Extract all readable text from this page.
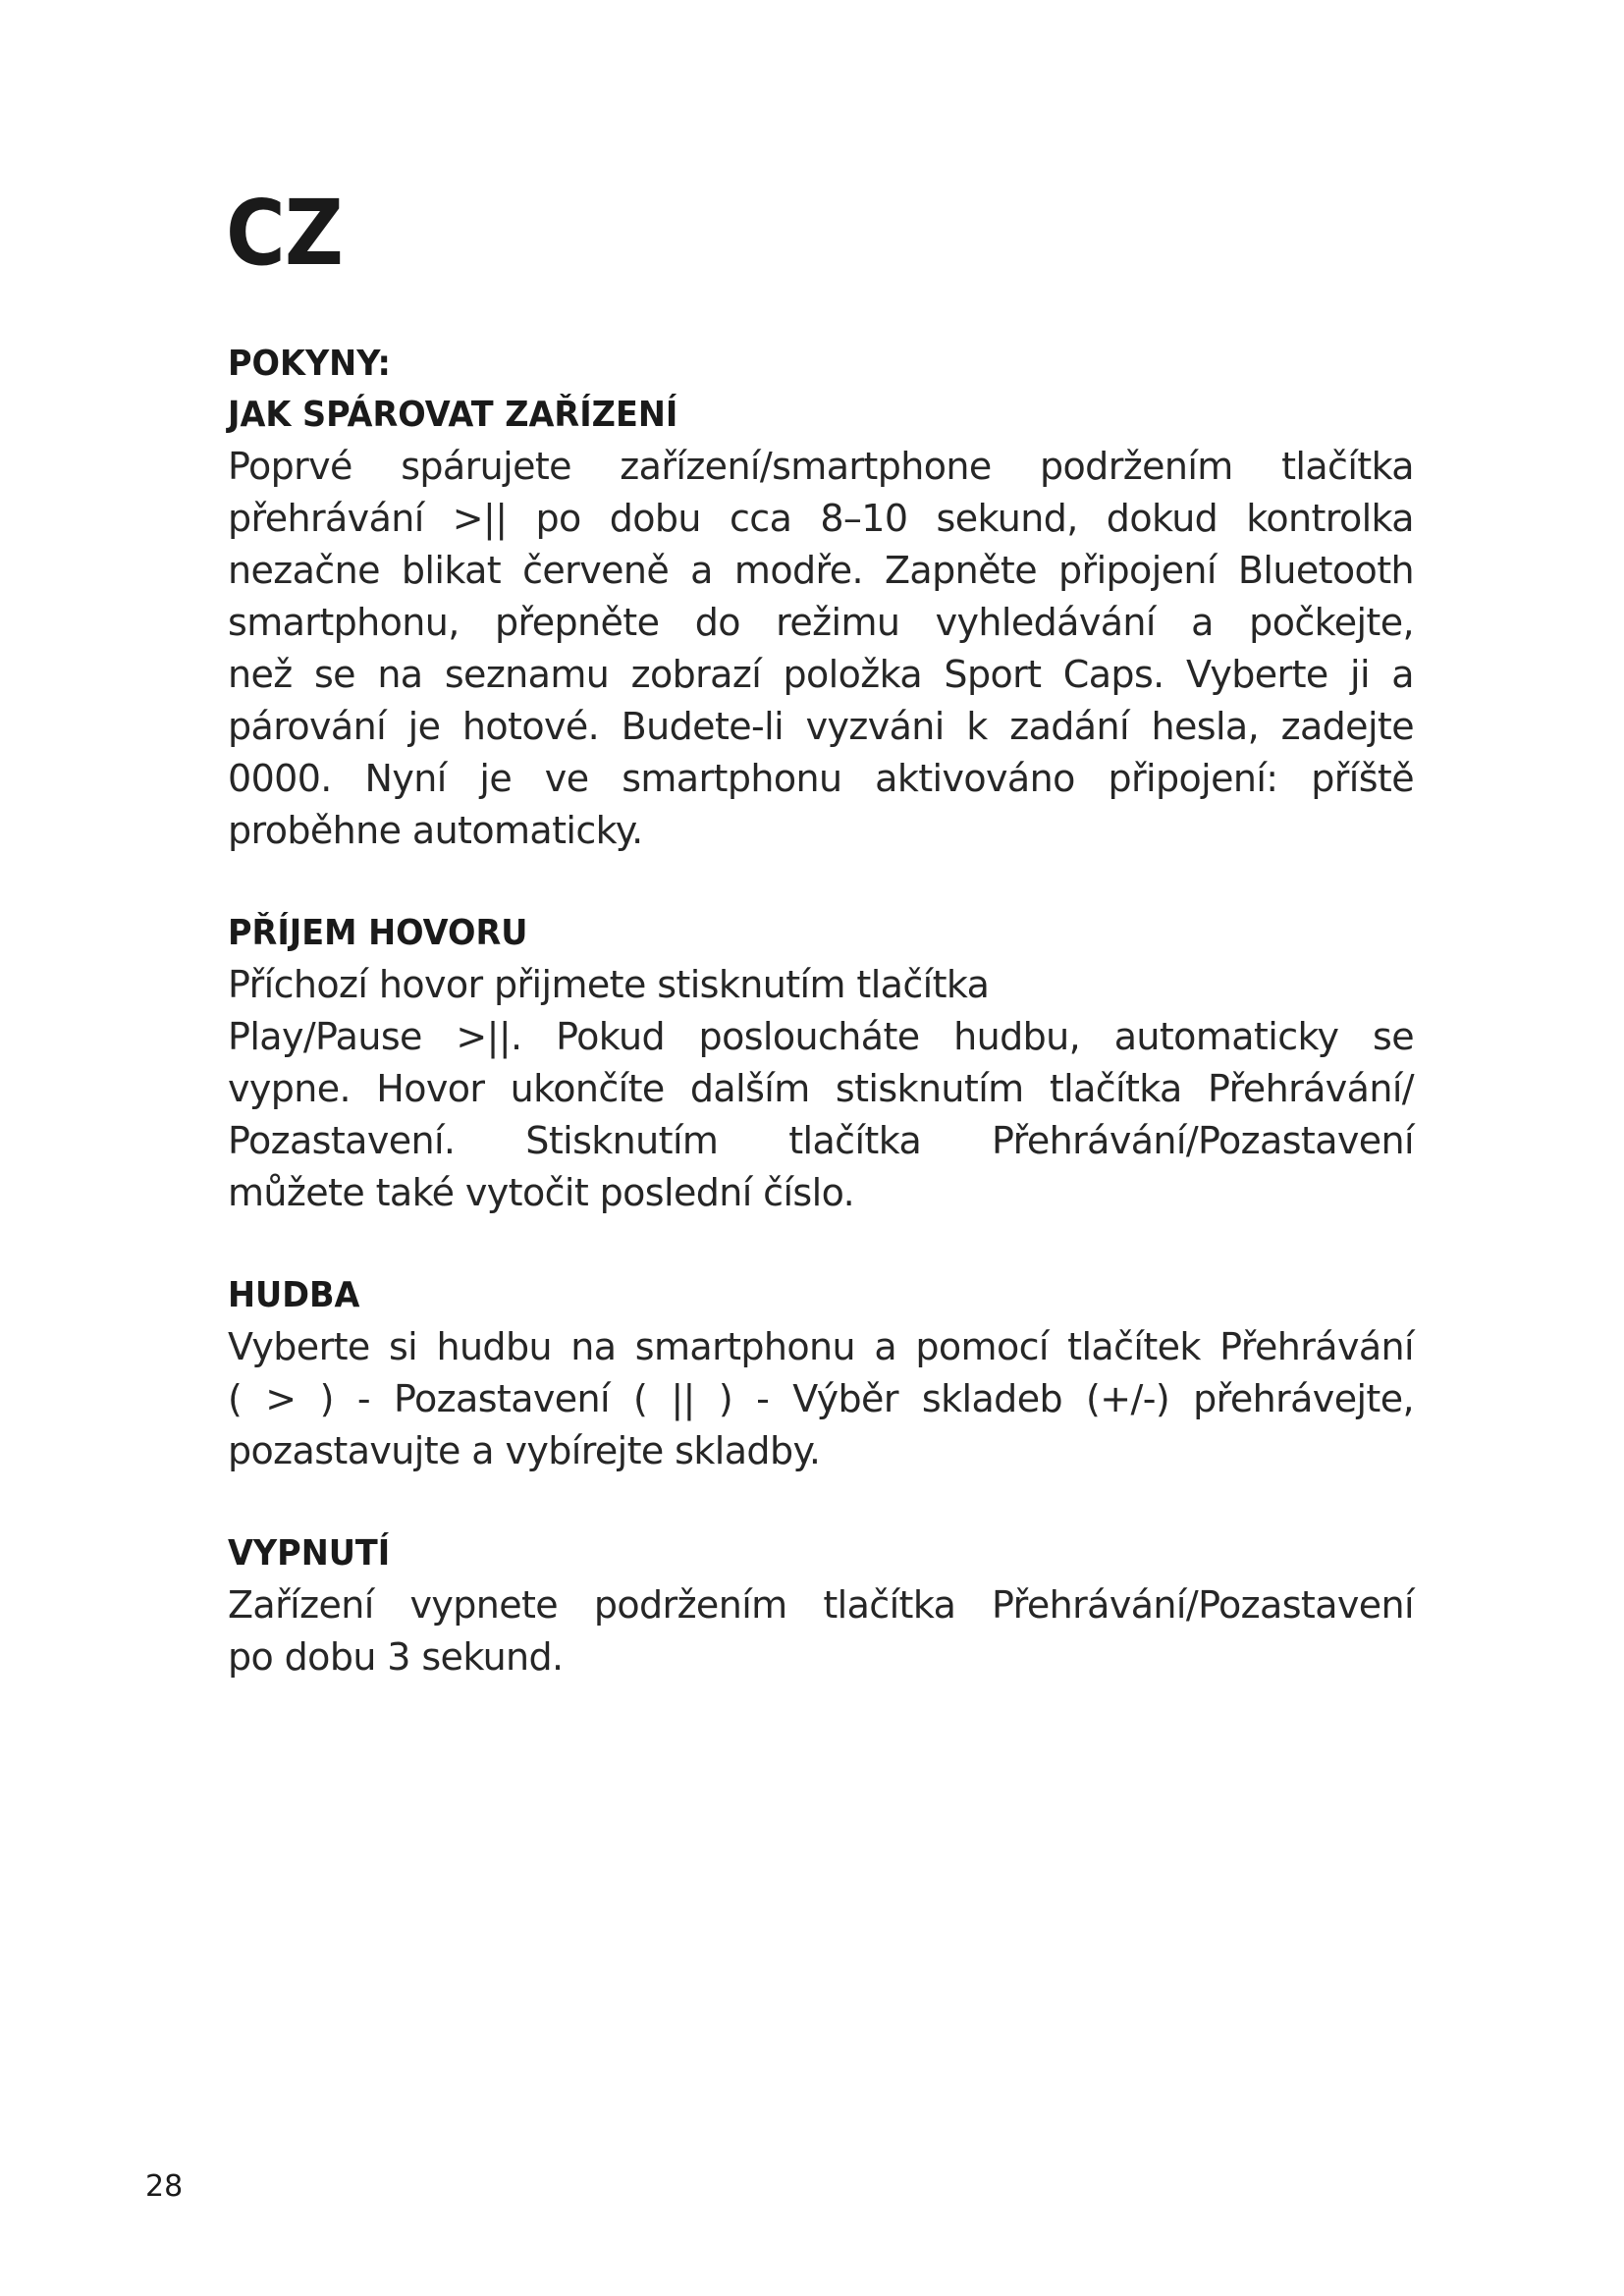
CZ
POKYNY:
JAK SPÁROVAT ZAŘÍZENÍ

Poprvé spárujete zařízení/smartphone podržením tlačítka
přehrávání >|| po dobu cca 8–10 sekund, dokud kontrolka
nezačne blikat červeně a modře. Zapněte připojení Bluetooth
smartphonu, přepněte do režimu vyhledávání a počkejte,
než se na seznamu zobrazí položka Sport Caps. Vyberte ji a
párování je hotové. Budete-li vyzváni k zadání hesla, zadejte
0000. Nyní je ve smartphonu aktivováno připojení: příště
proběhne automaticky.

PŘÍJEM HOVORU

Příchozí hovor přijmete stisknutím tlačítka
Play/Pause >||. Pokud posloucháte hudbu, automaticky se
vypne. Hovor ukončíte dalším stisknutím tlačítka Přehrávání/
Pozastavení. Stisknutím tlačítka Přehrávání/Pozastavení
můžete také vytočit poslední číslo.

HUDBA

Vyberte si hudbu na smartphonu a pomocí tlačítek Přehrávání
( > ) - Pozastavení ( || ) - Výběr skladeb (+/-) přehrávejte,
pozastavujte a vybírejte skladby.

VYPNUTÍ

Zařízení vypnete podržením tlačítka Přehrávání/Pozastavení
po dobu 3 sekund.

28
